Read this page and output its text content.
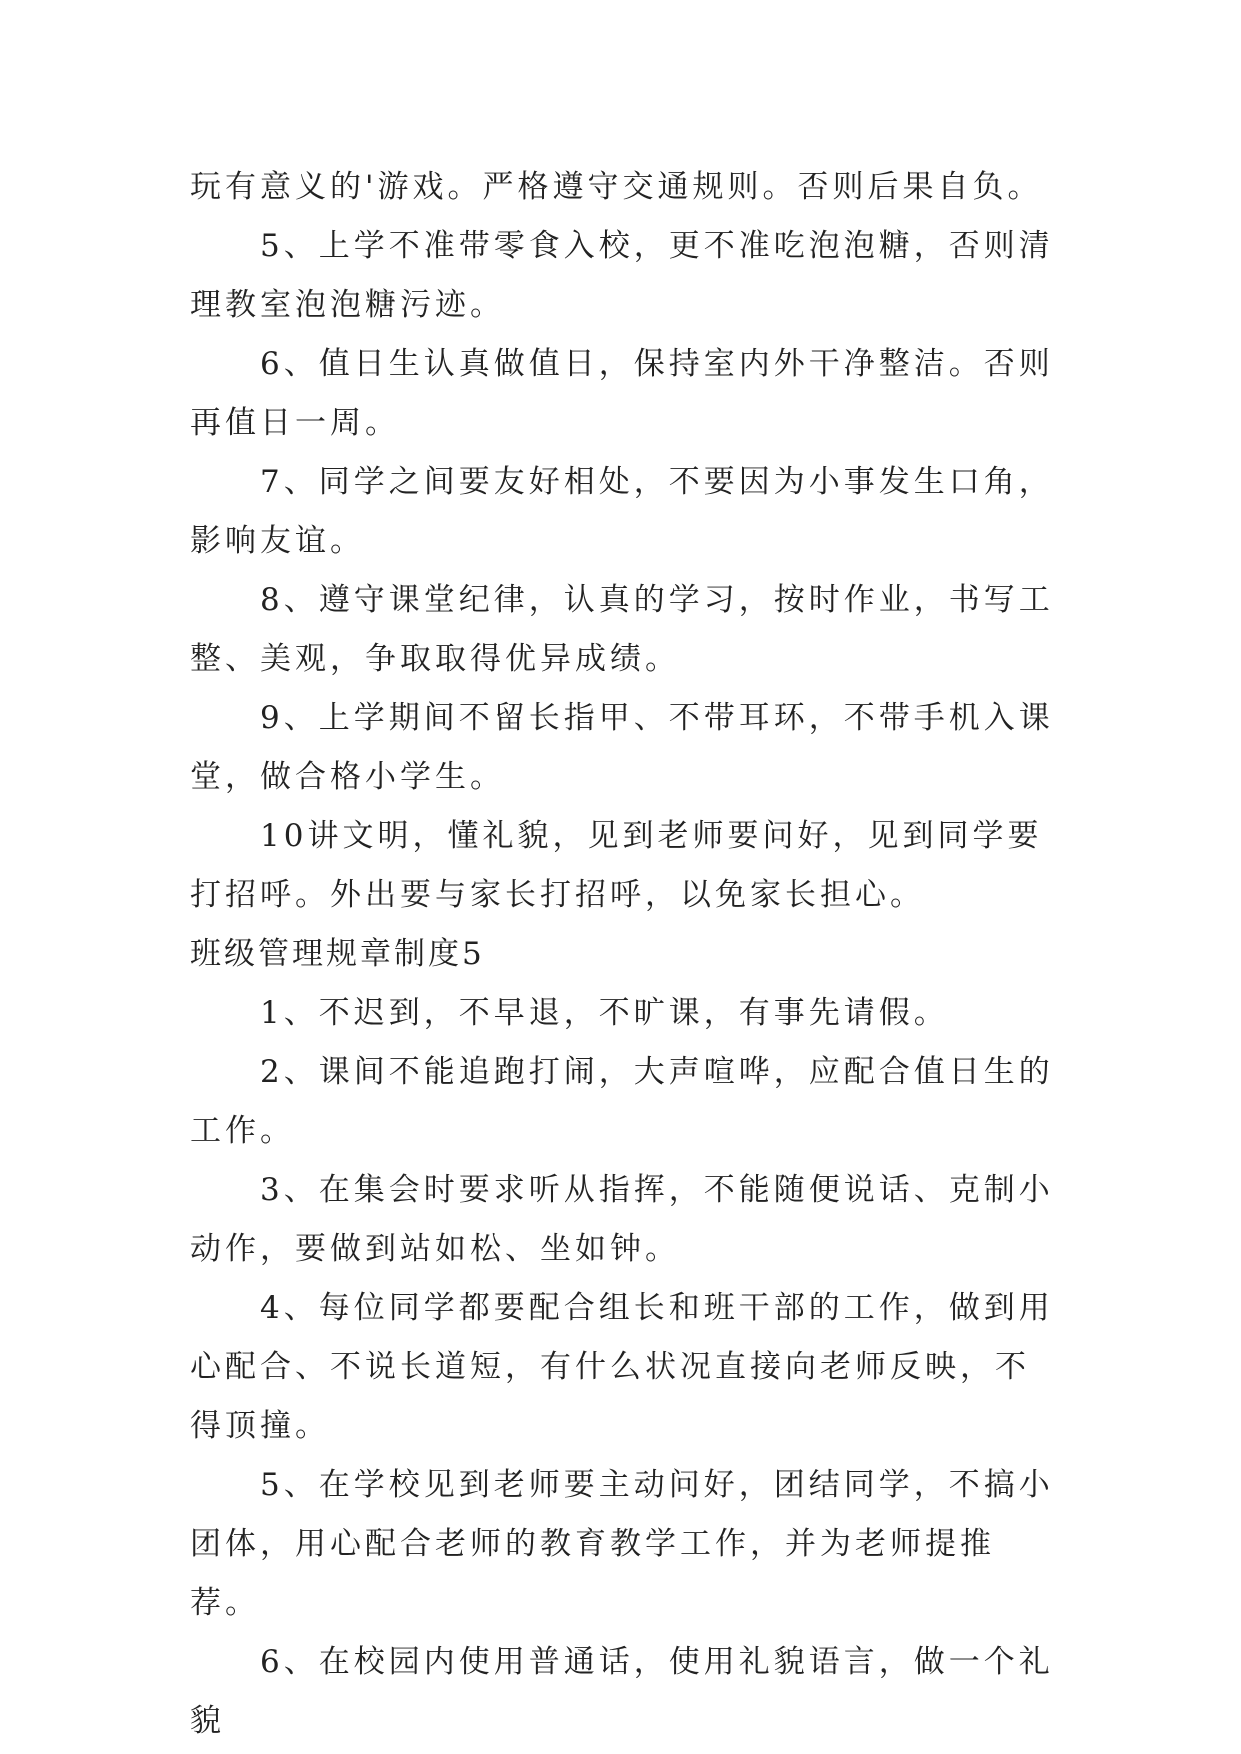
玩有意义的'游戏。严格遵守交通规则。否则后果自负。

5、上学不准带零食入校，更不准吃泡泡糖，否则清理教室泡泡糖污迹。

6、值日生认真做值日，保持室内外干净整洁。否则再值日一周。

7、同学之间要友好相处，不要因为小事发生口角，影响友谊。

8、遵守课堂纪律，认真的学习，按时作业，书写工整、美观，争取取得优异成绩。

9、上学期间不留长指甲、不带耳环，不带手机入课堂，做合格小学生。

10讲文明，懂礼貌，见到老师要问好，见到同学要打招呼。外出要与家长打招呼，以免家长担心。

班级管理规章制度5

1、不迟到，不早退，不旷课，有事先请假。

2、课间不能追跑打闹，大声喧哗，应配合值日生的工作。

3、在集会时要求听从指挥，不能随便说话、克制小动作，要做到站如松、坐如钟。

4、每位同学都要配合组长和班干部的工作，做到用心配合、不说长道短，有什么状况直接向老师反映，不得顶撞。

5、在学校见到老师要主动问好，团结同学，不搞小团体，用心配合老师的教育教学工作，并为老师提推荐。

6、在校园内使用普通话，使用礼貌语言，做一个礼貌
